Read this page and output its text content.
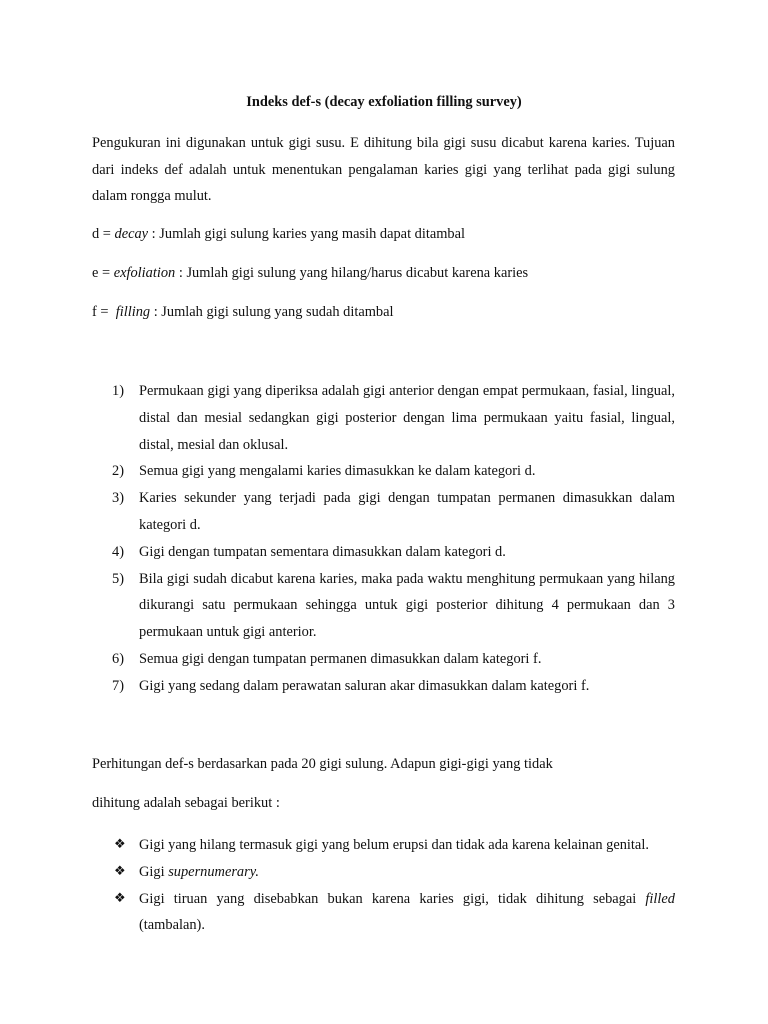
Indeks def-s (decay exfoliation filling survey)
Pengukuran ini digunakan untuk gigi susu. E dihitung bila gigi susu dicabut karena karies. Tujuan dari indeks def adalah untuk menentukan pengalaman karies gigi yang terlihat pada gigi sulung dalam rongga mulut.
d = decay : Jumlah gigi sulung karies yang masih dapat ditambal
e = exfoliation : Jumlah gigi sulung yang hilang/harus dicabut karena karies
f =  filling : Jumlah gigi sulung yang sudah ditambal
1) Permukaan gigi yang diperiksa adalah gigi anterior dengan empat permukaan, fasial, lingual, distal dan mesial sedangkan gigi posterior dengan lima permukaan yaitu fasial, lingual, distal, mesial dan oklusal.
2) Semua gigi yang mengalami karies dimasukkan ke dalam kategori d.
3) Karies sekunder yang terjadi pada gigi dengan tumpatan permanen dimasukkan dalam kategori d.
4) Gigi dengan tumpatan sementara dimasukkan dalam kategori d.
5) Bila gigi sudah dicabut karena karies, maka pada waktu menghitung permukaan yang hilang dikurangi satu permukaan sehingga untuk gigi posterior dihitung 4 permukaan dan 3 permukaan untuk gigi anterior.
6) Semua gigi dengan tumpatan permanen dimasukkan dalam kategori f.
7) Gigi yang sedang dalam perawatan saluran akar dimasukkan dalam kategori f.
Perhitungan def-s berdasarkan pada 20 gigi sulung. Adapun gigi-gigi yang tidak
dihitung adalah sebagai berikut :
❖ Gigi yang hilang termasuk gigi yang belum erupsi dan tidak ada karena kelainan genital.
❖ Gigi supernumerary.
❖ Gigi tiruan yang disebabkan bukan karena karies gigi, tidak dihitung sebagai filled (tambalan).
